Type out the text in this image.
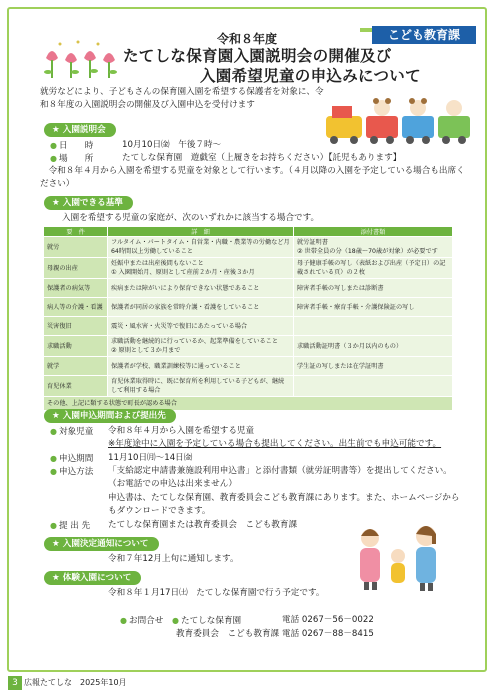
こども教育課
令和８年度
たてしな保育園入園説明会の開催及び
入園希望児童の申込みについて
就労などにより、子どもさんの保育園入園を希望する保護者を対象に、令和８年度の入園説明会の開催及び入園申込を受付けます
★ 入園説明会
● 日　　時	10月10日㈮　午後７時～
● 場　　所	たてしな保育園　遊戯室（上履きをお持ちください）【託児もあります】
令和８年４月から入園を希望する児童を対象として行います。（４月以降の入園を予定している場合も出席ください）
★ 入園できる基準
入園を希望する児童の家庭が、次のいずれかに該当する場合です。
要　件	詳　細	添付書類
就労	フルタイム・パートタイム・自営業・内職・農業等の労働など月64時間以上労働していること	就労証明書
② 世帯全員の分（18歳～70歳が対象）が必要です
母親の出産	妊娠中または出産後間もないこと
① 入園開始月、原則として産前２か月・産後３か月	母子健康手帳の写し（表紙および出産（予定日）の記載されている頁）の２枚
保護者の病気等	疾病または障がいにより保育できない状態であること	障害者手帳の写しまたは診断書
病人等の介護・看護	保護者が同居の家族を常時介護・看護をしていること	障害者手帳・療育手帳・介護保険証の写し
災害復旧	震災・風水害・火災等で復旧にあたっている場合	
求職活動	求職活動を継続的に行っているか、起業準備をしていること
② 原則として３か月まで	求職活動証明書（３か月以内のもの）
就学	保護者が学校、職業訓練校等に通っていること	学生証の写しまたは在学証明書
育児休業	育児休業取得時に、既に保育所を利用している子どもが、継続して利用する場合	
その他、上記に類する状態で町長が認める場合		
★ 入園申込期間および提出先
● 対象児童 令和８年４月から入園を希望する児童
※年度途中に入園を予定している場合も提出してください。出生前でも申込可能です。
● 申込期間 11月10日㈪～14日㈮
● 申込方法 「支給認定申請書兼施設利用申込書」と添付書類（就労証明書等）を提出してください。
（お電話での申込は出来ません）
申込書は、たてしな保育園、教育委員会こども教育課にあります。また、ホームページから
もダウンロードできます。
● 提 出 先 たてしな保育園または教育委員会　こども教育課
★ 入園決定通知について
令和７年12月上旬に通知します。
★ 体験入園について
令和８年１月17日㈯　たてしな保育園で行う予定です。
● お問合せ	● たてしな保育園	電話 0267－56－0022
教育委員会　こども教育課 電話 0267－88－8415
3 広報たてしな　2025年10月
